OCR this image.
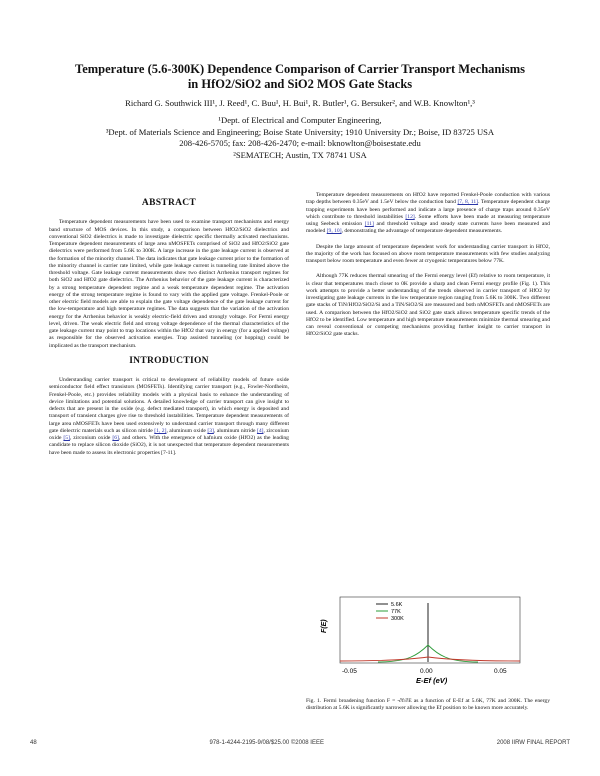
Temperature (5.6-300K) Dependence Comparison of Carrier Transport Mechanisms
in HfO2/SiO2 and SiO2 MOS Gate Stacks
Richard G. Southwick III¹, J. Reed¹, C. Buu¹, H. Bui¹, R. Butler¹, G. Bersuker², and W.B. Knowlton¹,³
¹Dept. of Electrical and Computer Engineering,
³Dept. of Materials Science and Engineering; Boise State University; 1910 University Dr.; Boise, ID 83725 USA
208-426-5705; fax: 208-426-2470; e-mail: bknowlton@boisestate.edu
²SEMATECH; Austin, TX 78741 USA
ABSTRACT

Temperature dependent measurements have been used to examine transport mechanisms and energy band structure of MOS devices. In this study, a comparison between HfO2/SiO2 dielectrics and conventional SiO2 dielectrics is made to investigate dielectric specific thermally activated mechanisms. Temperature dependent measurements of large area nMOSFETs comprised of SiO2 and HfO2/SiO2 gate dielectrics were performed from 5.6K to 300K. A large increase in the gate leakage current is observed at the formation of the minority channel. The data indicates that gate leakage current prior to the formation of the minority channel is carrier rate limited, while gate leakage current is tunneling rate limited above the threshold voltage. Gate leakage current measurements show two distinct Arrhenius transport regimes for both SiO2 and HfO2 gate dielectrics. The Arrhenius behavior of the gate leakage current is characterized by a strong temperature dependent regime and a weak temperature dependent regime. The activation energy of the strong temperature regime is found to vary with the applied gate voltage. Frenkel-Poole or other electric field models are able to explain the gate voltage dependence of the gate leakage current for the low-temperature and high temperature regimes. The data suggests that the variation of the activation energy for the Arrhenius behavior is weakly electric-field driven and strongly voltage. For Fermi energy level, driven. The weak electric field and strong voltage dependence of the thermal characteristics of the gate leakage current may point to trap locations within the HfO2 that vary in energy (for a applied voltage) as responsible for the observed activation energies. Trap assisted tunneling (or hopping) could be implicated as the transport mechanism.

INTRODUCTION

Understanding carrier transport is critical to development of reliability models of future oxide semiconductor field effect transistors (MOSFETs). Identifying carrier transport (e.g., Fowler-Nordheim, Frenkel-Poole, etc.) provides reliability models with a physical basis to enhance the understanding of device limitations and potential solutions. A detailed knowledge of carrier transport can give insight to defects that are present in the oxide (e.g. defect mediated transport), in which energy is deposited and transport of transient charges give rise to threshold instabilities. Temperature dependent measurements of large area nMOSFETs have been used extensively to understand carrier transport through many different gate dielectric materials such as silicon nitride [1, 2], aluminum oxide [3], aluminum nitride [4], zirconium oxide [5], zirconium oxide [6], and others. With the emergence of hafnium oxide (HfO2) as the leading candidate to replace silicon dioxide (SiO2), it is not unexpected that temperature dependent measurements have been made to assess its electronic properties [7-11].

Temperature dependent measurements on HfO2 have reported Frenkel-Poole conduction with various trap depths between 0.35eV and 1.5eV below the conduction band [7, 8, 11]. Temperature dependent charge trapping experiments have been performed and indicate a large presence of charge traps around 0.35eV which contribute to threshold instabilities [12]. Some efforts have been made at measuring temperature using Seebeck emission [11] and threshold voltage and steady state currents have been measured and modeled [9, 10], demonstrating the advantage of temperature dependent measurements.

Despite the large amount of temperature dependent work for understanding carrier transport in HfO2, the majority of the work has focused on above room temperature measurements with few studies analyzing transport below room temperature and even fewer at cryogenic temperatures below 77K.

Although 77K reduces thermal smearing of the Fermi energy level (Ef) relative to room temperature, it is clear that temperatures much closer to 0K provide a sharp and clean Fermi energy profile (Fig. 1). This work attempts to provide a better understanding of the trends observed in carrier transport of HfO2 by investigating gate leakage currents in the low temperature region ranging from 5.6K to 300K. Two different gate stacks of TiN/HfO2/SiO2/Si and a TiN/SiO2/Si are measured and both nMOSFETs and nMOSFETs are used. A comparison between the HfO2/SiO2 and SiO2 gate stack allows temperature specific trends of the HfO2 to be identified. Low temperature and high temperature measurements minimize thermal smearing and can reveal conventional or competing mechanisms providing further insight to carrier transport in HfO2/SiO2 gate stacks.

F(E)
-0.05	0.00	0.05
E-Ef (eV)
5.6K
77K
300K
Fig. 1. Fermi broadening function F = -∂f/∂E as a function of E-Ef at 5.6K, 77K and 300K. The energy distribution at 5.6K is significantly narrower allowing the Ef position to be known more accurately.
48	978-1-4244-2195-9/08/$25.00 ©2008 IEEE	2008 IIRW FINAL REPORT
